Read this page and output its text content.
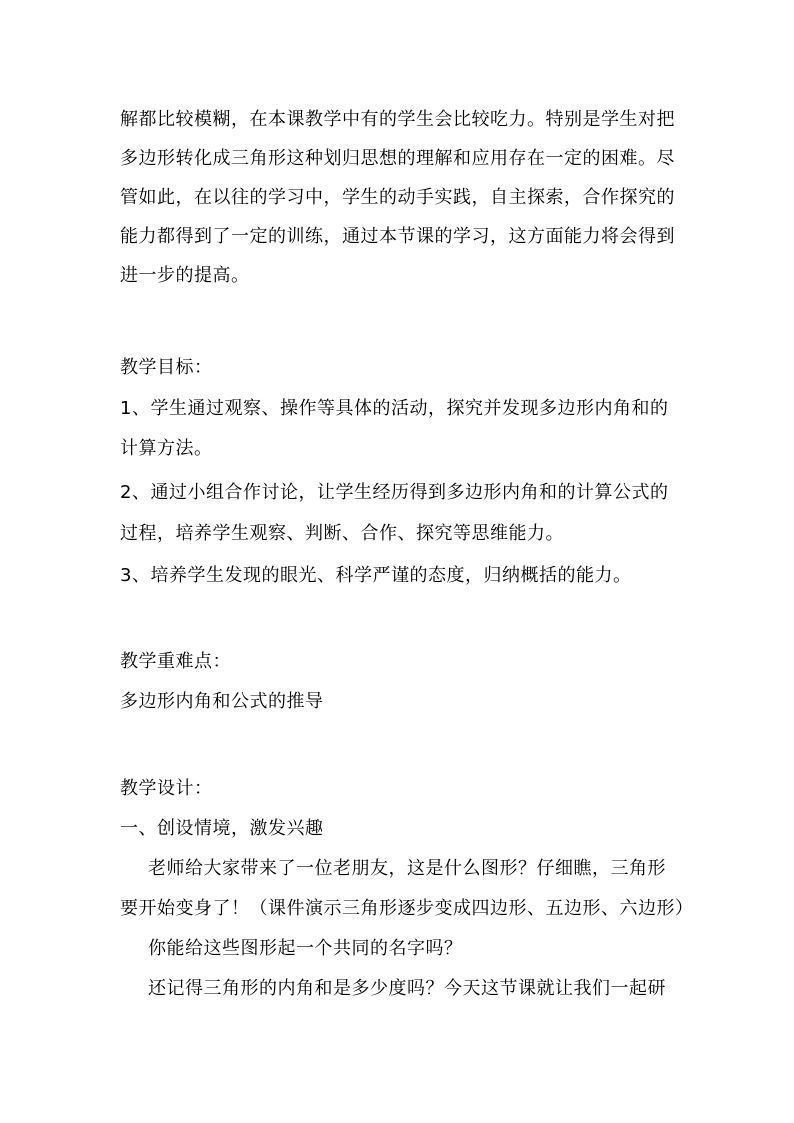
解都比较模糊，在本课教学中有的学生会比较吃力。特别是学生对把
多边形转化成三角形这种划归思想的理解和应用存在一定的困难。尽
管如此，在以往的学习中，学生的动手实践，自主探索，合作探究的
能力都得到了一定的训练，通过本节课的学习，这方面能力将会得到
进一步的提高。
教学目标：
1、学生通过观察、操作等具体的活动，探究并发现多边形内角和的
计算方法。
2、通过小组合作讨论，让学生经历得到多边形内角和的计算公式的
过程，培养学生观察、判断、合作、探究等思维能力。
3、培养学生发现的眼光、科学严谨的态度，归纳概括的能力。
教学重难点：
多边形内角和公式的推导
教学设计：
一、创设情境，激发兴趣
老师给大家带来了一位老朋友，这是什么图形？仔细瞧，三角形
要开始变身了！（课件演示三角形逐步变成四边形、五边形、六边形）
你能给这些图形起一个共同的名字吗？
还记得三角形的内角和是多少度吗？今天这节课就让我们一起研
